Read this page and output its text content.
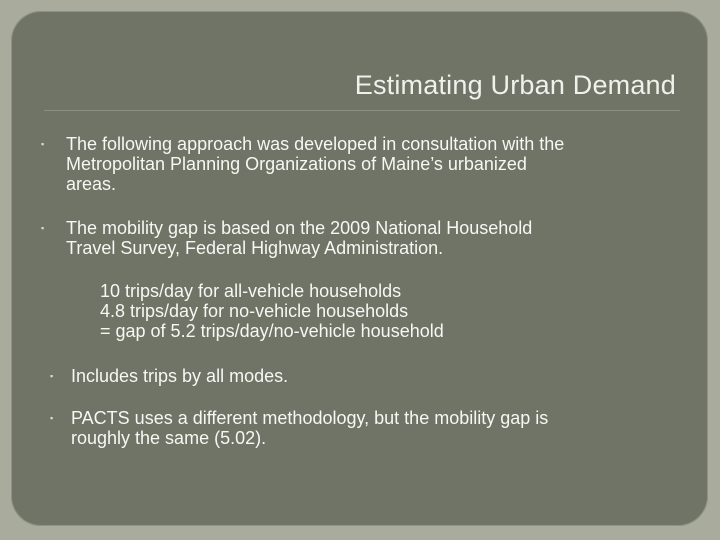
Estimating Urban Demand
▪ The following approach was developed in consultation with the
Metropolitan Planning Organizations of Maine’s urbanized
areas.
▪ The mobility gap is based on the 2009 National Household
Travel Survey, Federal Highway Administration.
10 trips/day for all-vehicle households
4.8 trips/day for no-vehicle households
= gap of 5.2 trips/day/no-vehicle household
▪ Includes trips by all modes.
▪ PACTS uses a different methodology, but the mobility gap is
roughly the same (5.02).
